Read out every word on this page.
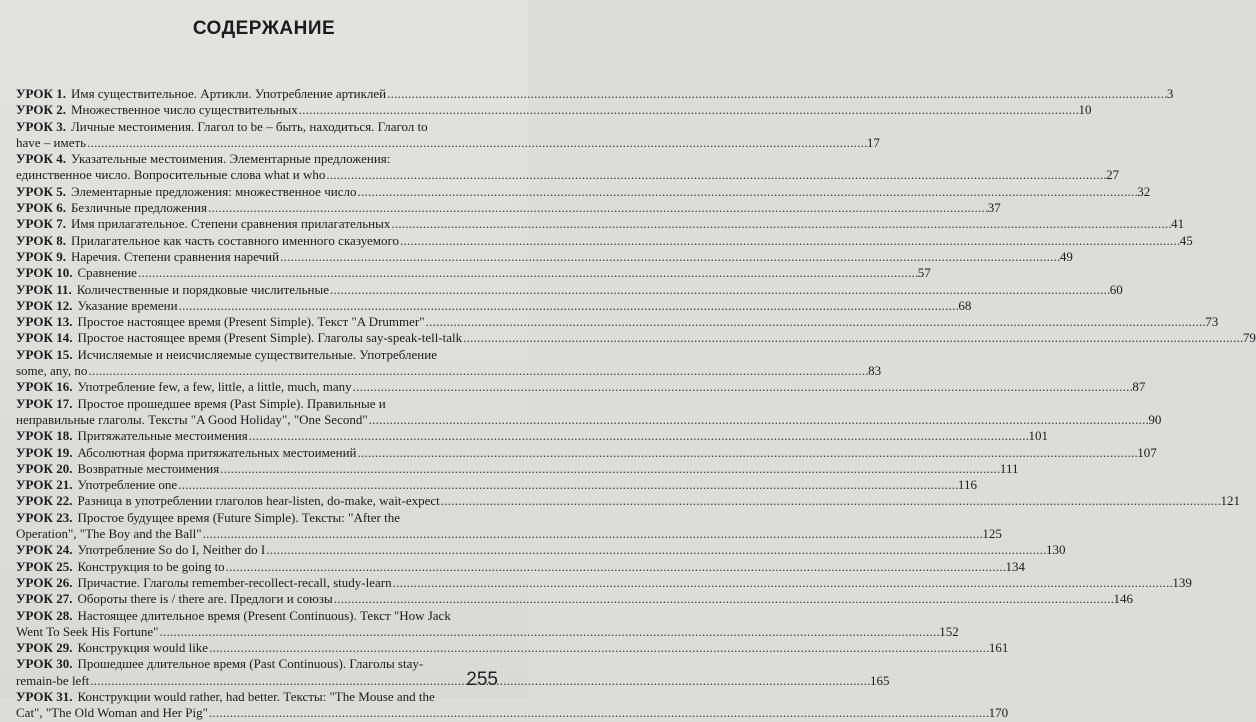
СОДЕРЖАНИЕ
УРОК 1. Имя существительное. Артикли. Употребление артиклей . . .	3
УРОК 2. Множественное число существительных . . .	10
УРОК 3. Личные местоимения. Глагол to be – быть, находиться. Глагол to
have – иметь . . .	17
УРОК 4. Указательные местоимения. Элементарные предложения:
единственное число. Вопросительные слова what и who . . .	27
УРОК 5. Элементарные предложения: множественное число . . .	32
УРОК 6. Безличные предложения . . .	37
УРОК 7. Имя прилагательное. Степени сравнения прилагательных . . .	41
УРОК 8. Прилагательное как часть составного именного сказуемого . . .	45
УРОК 9. Наречия. Степени сравнения наречий . . .	49
УРОК 10. Сравнение . . .	57
УРОК 11. Количественные и порядковые числительные . . .	60
УРОК 12. Указание времени . . .	68
УРОК 13. Простое настоящее время (Present Simple). Текст "A Drummer" . . .	73
УРОК 14. Простое настоящее время (Present Simple). Глаголы say-speak-tell-talk . . .	79
УРОК 15. Исчисляемые и неисчисляемые существительные. Употребление
some, any, no . . .	83
УРОК 16. Употребление few, a few, little, a little, much, many . . .	87
УРОК 17. Простое прошедшее время (Past Simple). Правильные и
неправильные глаголы. Тексты "A Good Holiday", "One Second" . . .	90
УРОК 18. Притяжательные местоимения . . .	101
УРОК 19. Абсолютная форма притяжательных местоимений . . .	107
УРОК 20. Возвратные местоимения . . .	111
УРОК 21. Употребление one . . .	116
УРОК 22. Разница в употреблении глаголов hear-listen, do-make, wait-expect . . .	121
УРОК 23. Простое будущее время (Future Simple). Тексты: "After the
Operation", "The Boy and the Ball" . . .	125
УРОК 24. Употребление So do I, Neither do I . . .	130
УРОК 25. Конструкция to be going to . . .	134
УРОК 26. Причастие. Глаголы remember-recollect-recall, study-learn . . .	139
УРОК 27. Обороты there is / there are. Предлоги и союзы . . .	146
УРОК 28. Настоящее длительное время (Present Continuous). Текст "How Jack
Went To Seek His Fortune" . . .	152
УРОК 29. Конструкция would like . . .	161
УРОК 30. Прошедшее длительное время (Past Continuous). Глаголы stay-
remain-be left . . .	165
УРОК 31. Конструкции would rather, had better. Тексты: "The Mouse and the
Cat", "The Old Woman and Her Pig" . . .	170
255
